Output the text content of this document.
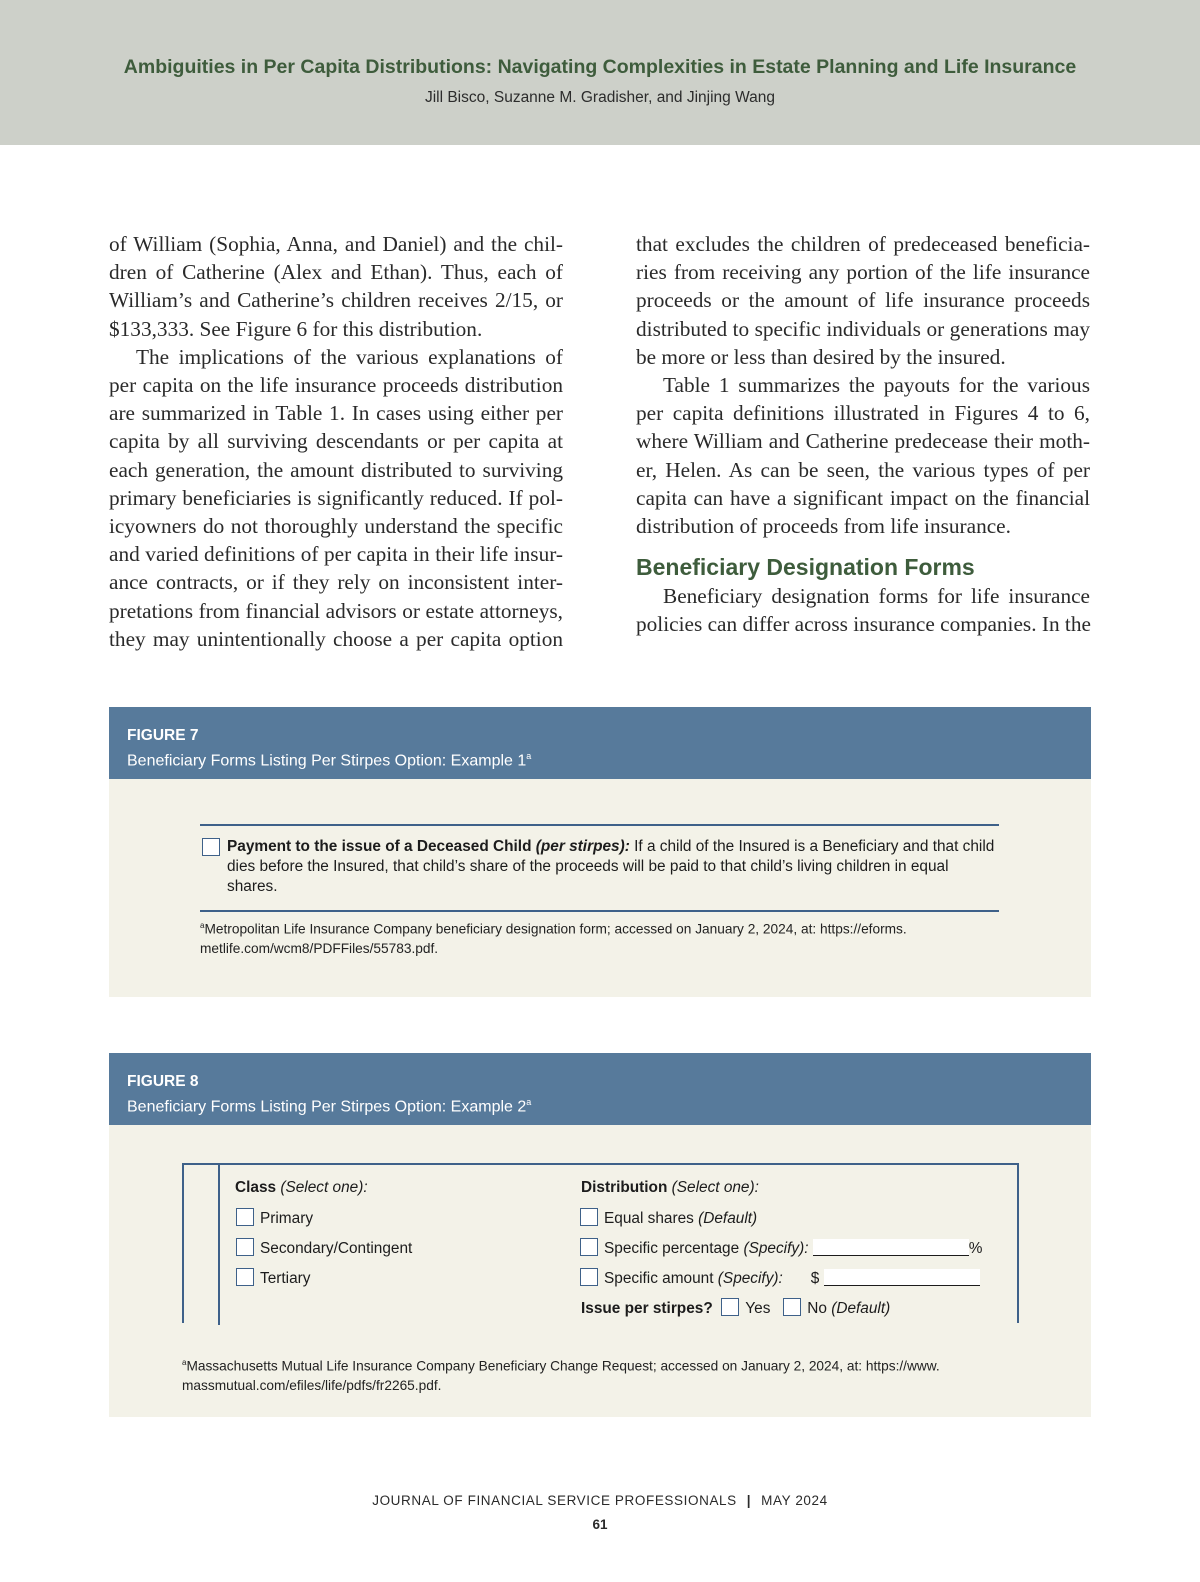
Ambiguities in Per Capita Distributions: Navigating Complexities in Estate Planning and Life Insurance
Jill Bisco, Suzanne M. Gradisher, and Jinjing Wang
of William (Sophia, Anna, and Daniel) and the chil-
dren of Catherine (Alex and Ethan). Thus, each of
William’s and Catherine’s children receives 2/15, or
$133,333. See Figure 6 for this distribution.
The implications of the various explanations of
per capita on the life insurance proceeds distribution
are summarized in Table 1. In cases using either per
capita by all surviving descendants or per capita at
each generation, the amount distributed to surviving
primary beneficiaries is significantly reduced. If pol-
icyowners do not thoroughly understand the specific
and varied definitions of per capita in their life insur-
ance contracts, or if they rely on inconsistent inter-
pretations from financial advisors or estate attorneys,
they may unintentionally choose a per capita option
that excludes the children of predeceased beneficia-
ries from receiving any portion of the life insurance
proceeds or the amount of life insurance proceeds
distributed to specific individuals or generations may
be more or less than desired by the insured.
Table 1 summarizes the payouts for the various
per capita definitions illustrated in Figures 4 to 6,
where William and Catherine predecease their moth-
er, Helen. As can be seen, the various types of per
capita can have a significant impact on the financial
distribution of proceeds from life insurance.
Beneficiary Designation Forms
Beneficiary designation forms for life insurance
policies can differ across insurance companies. In the
FIGURE 7
Beneficiary Forms Listing Per Stirpes Option: Example 1$^a$
Payment to the issue of a Deceased Child (per stirpes): If a child of the Insured is a Beneficiary and that child dies before the Insured, that child’s share of the proceeds will be paid to that child’s living children in equal shares.
$^a$Metropolitan Life Insurance Company beneficiary designation form; accessed on January 2, 2024, at: https://eforms.
metlife.com/wcm8/PDFFiles/55783.pdf.
FIGURE 8
Beneficiary Forms Listing Per Stirpes Option: Example 2$^a$
Class (Select one):
Primary
Secondary/Contingent
Tertiary
Distribution (Select one):
Equal shares (Default)
Specific percentage (Specify):	%
Specific amount (Specify): $
Issue per stirpes? Yes No (Default)
$^a$Massachusetts Mutual Life Insurance Company Beneficiary Change Request; accessed on January 2, 2024, at: https://www.
massmutual.com/efiles/life/pdfs/fr2265.pdf.
JOURNAL OF FINANCIAL SERVICE PROFESSIONALS | MAY 2024
61
